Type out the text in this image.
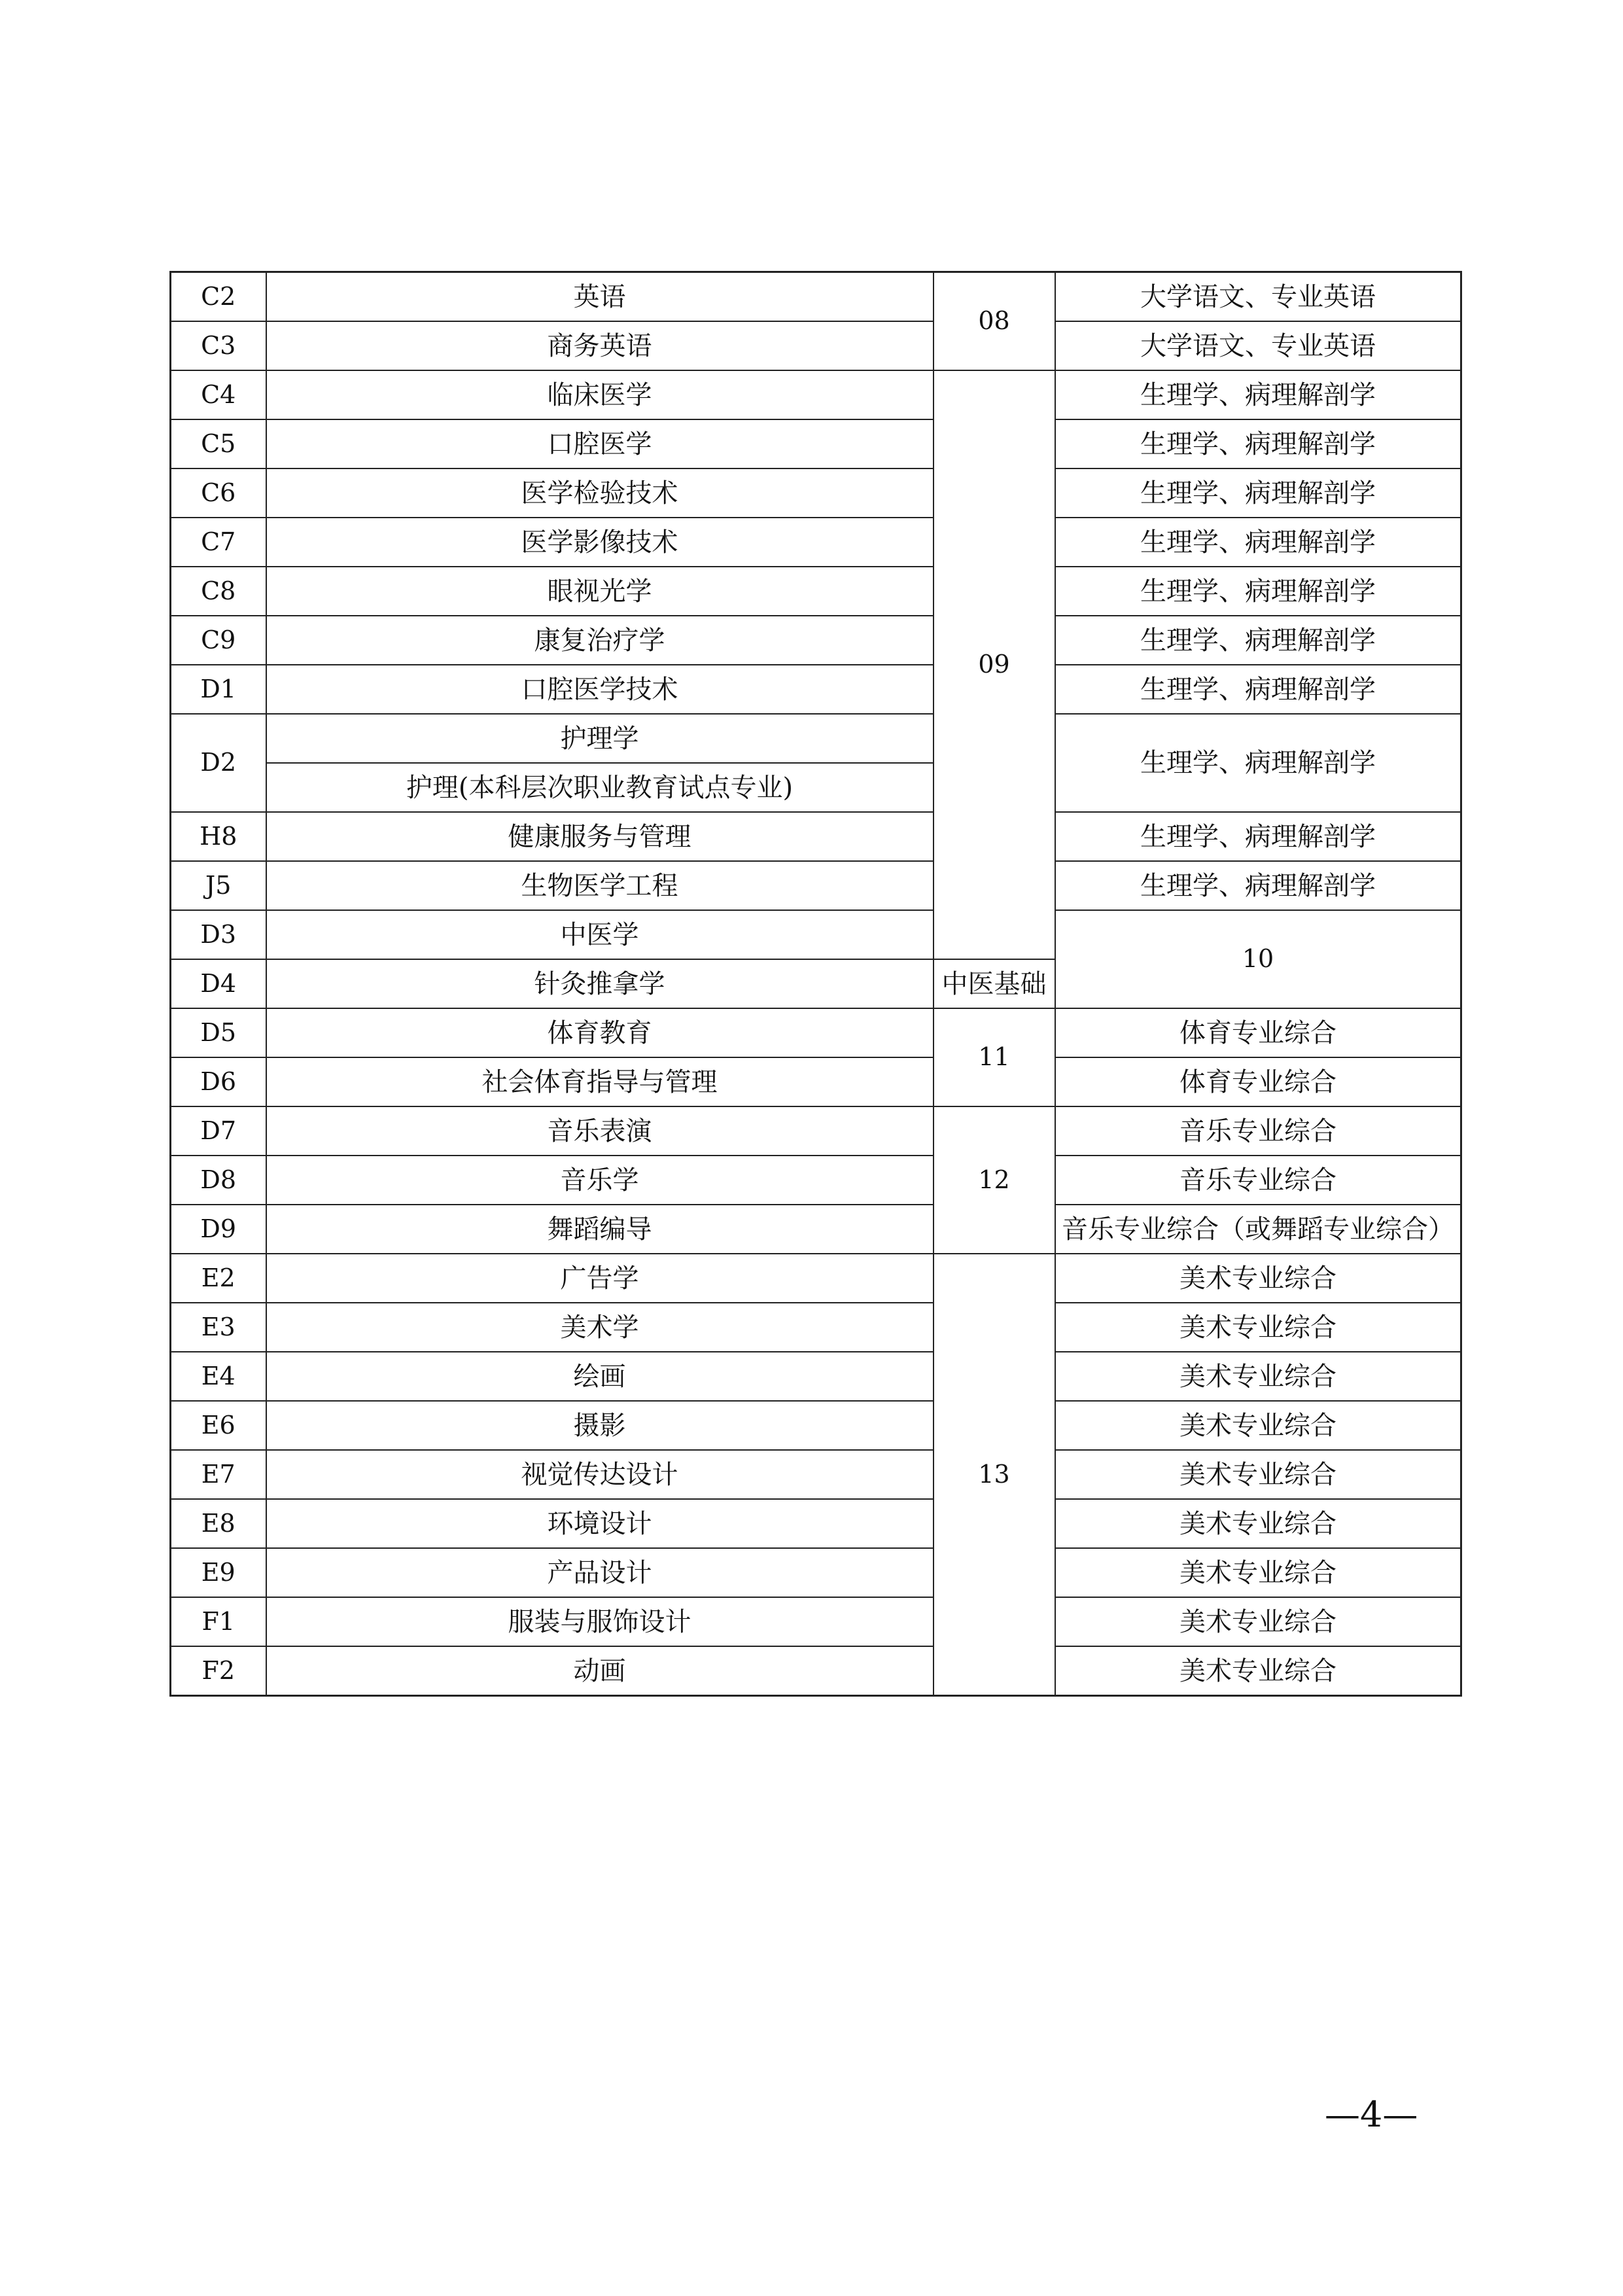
C2	英语	08	大学语文、专业英语	
C3	商务英语		大学语文、专业英语	
C4	临床医学	09	生理学、病理解剖学	
C5	口腔医学		生理学、病理解剖学	
C6	医学检验技术		生理学、病理解剖学	
C7	医学影像技术		生理学、病理解剖学	
C8	眼视光学		生理学、病理解剖学	
C9	康复治疗学		生理学、病理解剖学	
D1	口腔医学技术		生理学、病理解剖学	
D2	护理学		生理学、病理解剖学	
	护理(本科层次职业教育试点专业)			
H8	健康服务与管理		生理学、病理解剖学	
J5	生物医学工程		生理学、病理解剖学	
D3	中医学		10	
D4	针灸推拿学	中医基础		
D5	体育教育	11	体育专业综合	
D6	社会体育指导与管理		体育专业综合	
D7	音乐表演	12	音乐专业综合	
D8	音乐学		音乐专业综合	
D9	舞蹈编导		音乐专业综合（或舞蹈专业综合）	
E2	广告学	13	美术专业综合	
E3	美术学		美术专业综合	
E4	绘画		美术专业综合	
E6	摄影		美术专业综合	
E7	视觉传达设计		美术专业综合	
E8	环境设计		美术专业综合	
E9	产品设计		美术专业综合	
F1	服装与服饰设计		美术专业综合	
F2	动画		美术专业综合	
—4—
